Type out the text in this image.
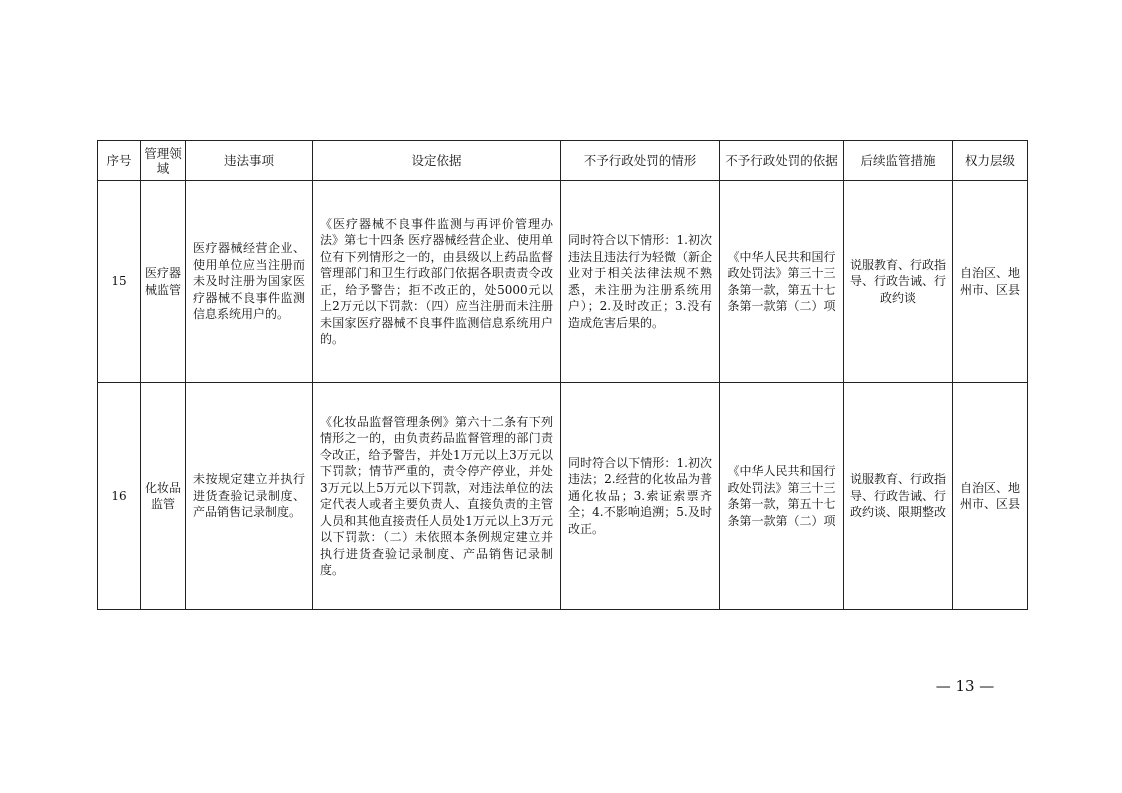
序号	管理领域	违法事项	设定依据	不予行政处罚的情形	不予行政处罚的依据	后续监管措施	权力层级
15	医疗器械监管	医疗器械经营企业、使用单位应当注册而未及时注册为国家医疗器械不良事件监测信息系统用户的。	《医疗器械不良事件监测与再评价管理办法》第七十四条 医疗器械经营企业、使用单位有下列情形之一的，由县级以上药品监督管理部门和卫生行政部门依据各职责责令改正，给予警告；拒不改正的，处5000元以上2万元以下罚款：（四）应当注册而未注册未国家医疗器械不良事件监测信息系统用户的。	同时符合以下情形：1.初次违法且违法行为轻微（新企业对于相关法律法规不熟悉，未注册为注册系统用户）；2.及时改正；3.没有造成危害后果的。	《中华人民共和国行政处罚法》第三十三条第一款，第五十七条第一款第（二）项	说服教育、行政指导、行政告诫、行政约谈	自治区、地州市、区县
16	化妆品监管	未按规定建立并执行进货查验记录制度、产品销售记录制度。	《化妆品监督管理条例》第六十二条有下列情形之一的，由负责药品监督管理的部门责令改正，给予警告，并处1万元以上3万元以下罚款；情节严重的，责令停产停业，并处3万元以上5万元以下罚款，对违法单位的法定代表人或者主要负责人、直接负责的主管人员和其他直接责任人员处1万元以上3万元以下罚款：（二）未依照本条例规定建立并执行进货查验记录制度、产品销售记录制度。	同时符合以下情形：1.初次违法；2.经营的化妆品为普通化妆品；3.索证索票齐全；4.不影响追溯；5.及时改正。	《中华人民共和国行政处罚法》第三十三条第一款，第五十七条第一款第（二）项	说服教育、行政指导、行政告诫、行政约谈、限期整改	自治区、地州市、区县
— 13 —
